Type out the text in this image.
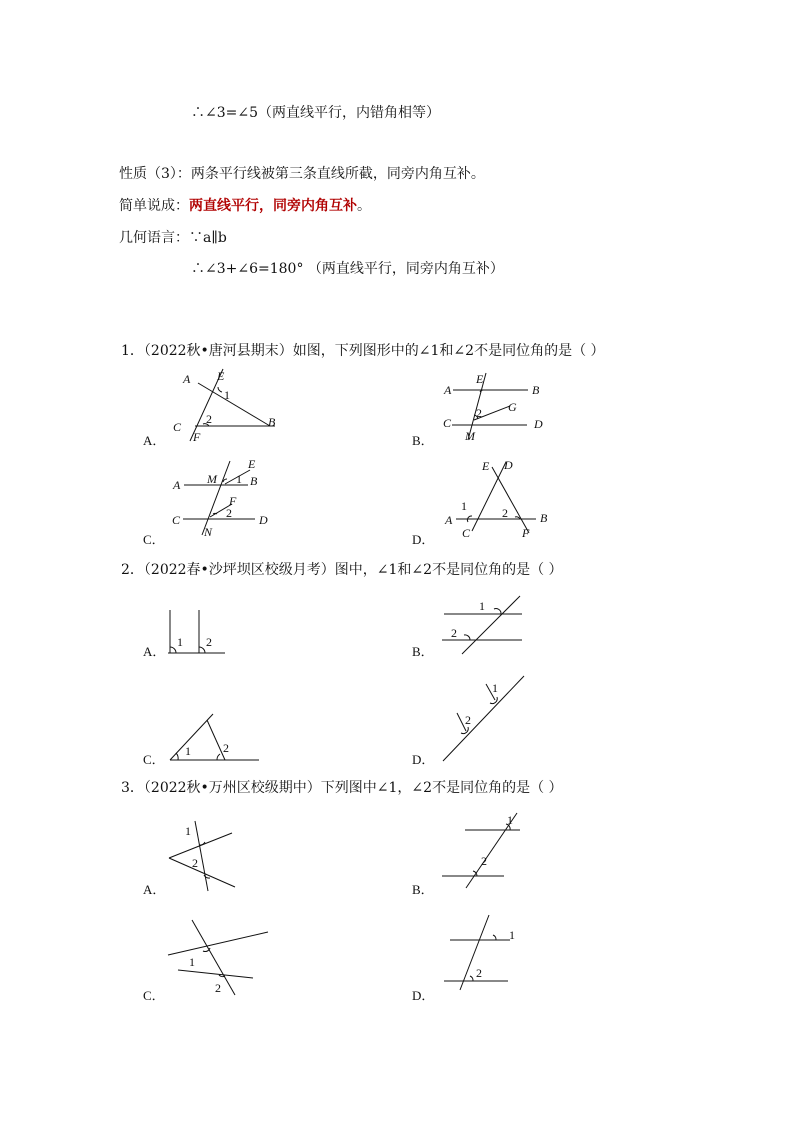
∴∠3=∠5（两直线平行，内错角相等）
性质（3）：两条平行线被第三条直线所截，同旁内角互补。
简单说成：两直线平行，同旁内角互补。
几何语言：∵a∥b
∴∠3+∠6=180° （两直线平行，同旁内角互补）
1．（2022秋•唐河县期末）如图，下列图形中的∠1和∠2不是同位角的是（ ）
A．	B．
C．	D．
A E
1
2
C
F
B
A
E
B
G
2
C
M
D
E
A M 1 B
F
2
C
N
D
E D
1
A	2	B
C	F
2．（2022春•沙坪坝区校级月考）图中，∠1和∠2不是同位角的是（ ）
A．	B．
C．	D．
1 2
1
2
1	2
1
2
3．（2022秋•万州区校级期中）下列图中∠1，∠2不是同位角的是（ ）
A．	B．
C．	D．
1
2
1
2
1
2
1
2
